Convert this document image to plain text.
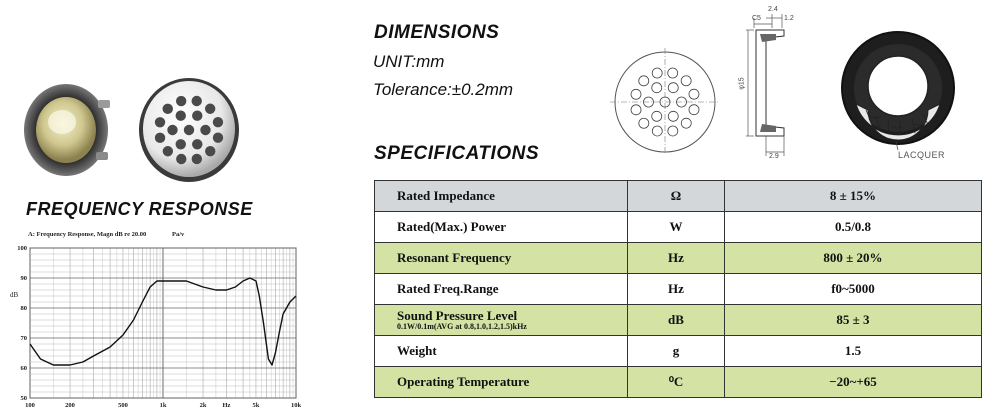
DIMENSIONS
UNIT:mm
Tolerance:±0.2mm
SPECIFICATIONS
FREQUENCY RESPONSE
2.4
C5	1.2
φ15
2.9	LACQUER
A: Frequency Response, Magn dB re 20.00	Pa/v
dB
50
60
70
80
90
100
100	200	500	1k	2k Hz	5k	10k
Rated Impedance	Ω	8 ± 15%
Rated(Max.) Power	W	0.5/0.8
Resonant Frequency	Hz	800 ± 20%
Rated Freq.Range	Hz	f0~5000
Sound Pressure Level
0.1W/0.1m(AVG at 0.8,1.0,1.2,1.5)kHz	dB	85 ± 3
Weight	g	1.5
Operating Temperature	⁰C	−20~+65
